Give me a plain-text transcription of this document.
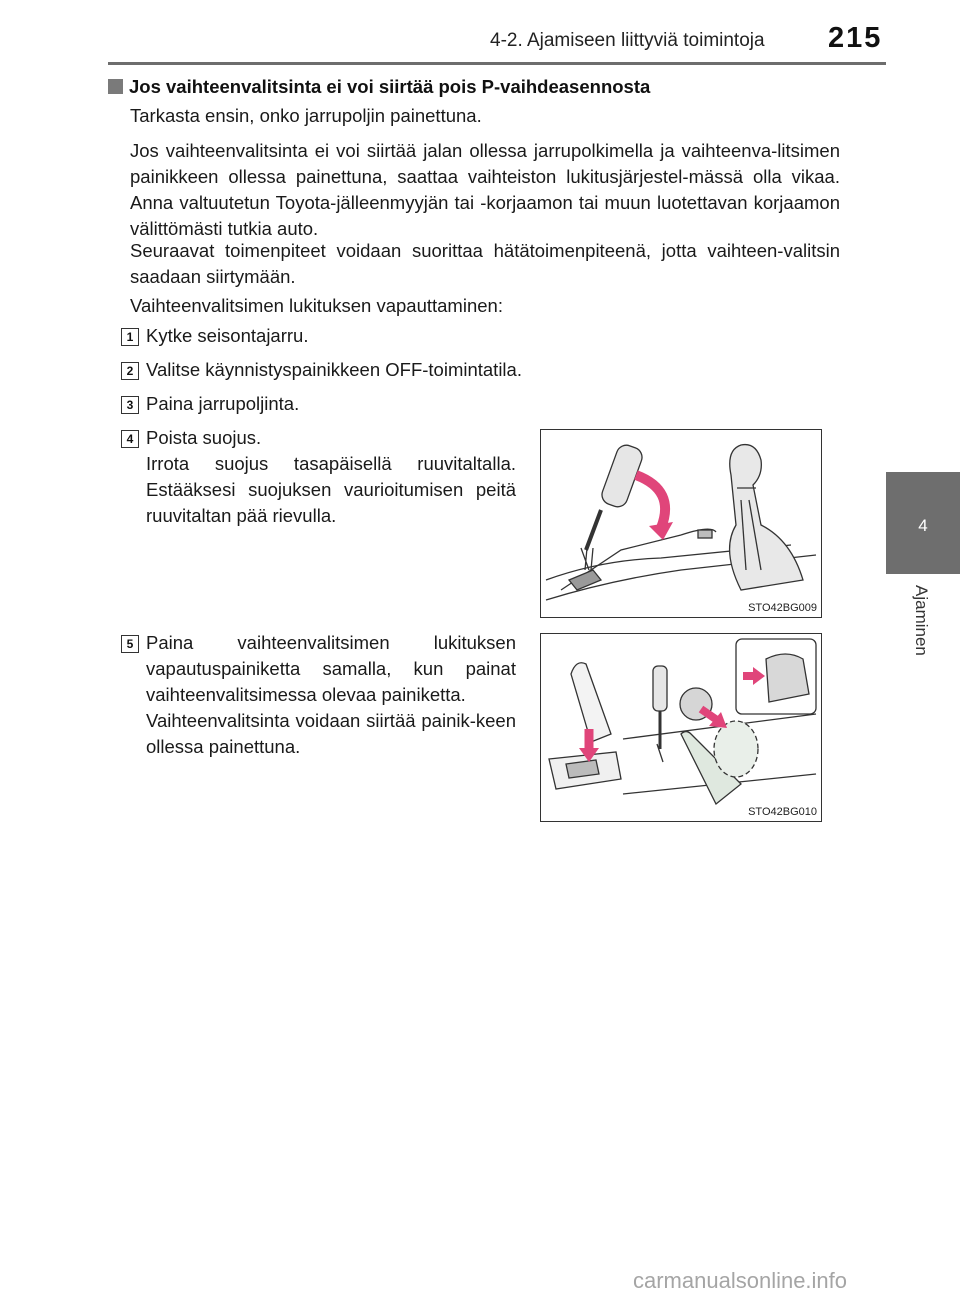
4-2. Ajamiseen liittyviä toimintoja 215
4
Ajaminen
Jos vaihteenvalitsinta ei voi siirtää pois P-vaihdeasennosta
Tarkasta ensin, onko jarrupoljin painettuna.
Jos vaihteenvalitsinta ei voi siirtää jalan ollessa jarrupolkimella ja vaihteenva-litsimen painikkeen ollessa painettuna, saattaa vaihteiston lukitusjärjestel-mässä olla vikaa. Anna valtuutetun Toyota-jälleenmyyjän tai -korjaamon tai muun luotettavan korjaamon välittömästi tutkia auto.
Seuraavat toimenpiteet voidaan suorittaa hätätoimenpiteenä, jotta vaihteen-valitsin saadaan siirtymään.
Vaihteenvalitsimen lukituksen vapauttaminen:
1 Kytke seisontajarru.
2 Valitse käynnistyspainikkeen OFF-toimintatila.
3 Paina jarrupoljinta.
4 Poista suojus.
Irrota suojus tasapäisellä ruuvitaltalla. Estääksesi suojuksen vaurioitumisen peitä ruuvitaltan pää rievulla.
5 Paina vaihteenvalitsimen lukituksen vapautuspainiketta samalla, kun painat vaihteenvalitsimessa olevaa painiketta.
Vaihteenvalitsinta voidaan siirtää painik-keen ollessa painettuna.
STO42BG009
STO42BG010
carmanualsonline.info
